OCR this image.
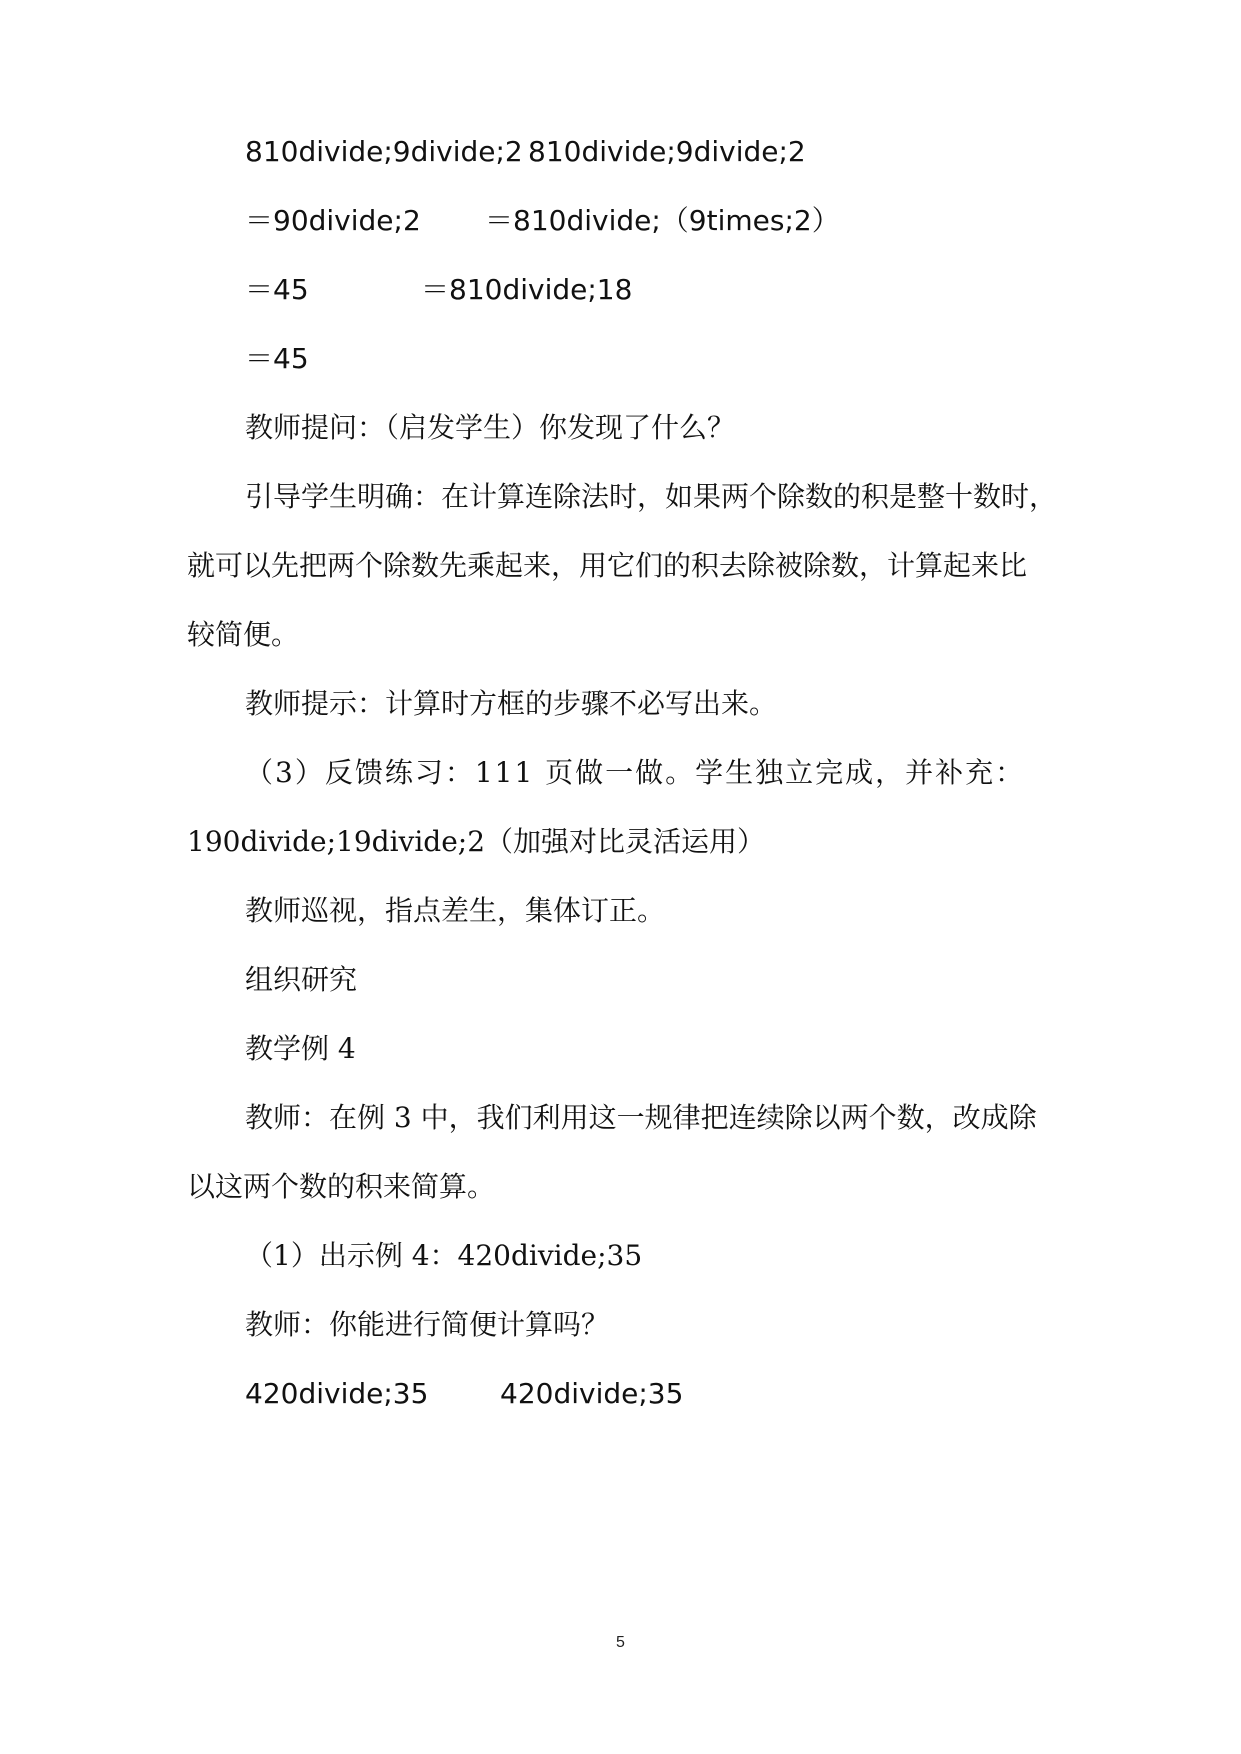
810divide;9divide;2 810divide;9divide;2
＝90divide;2 ＝810divide;（9times;2）
＝45	＝810divide;18
＝45
教师提问：（启发学生）你发现了什么？
引导学生明确：在计算连除法时，如果两个除数的积是整十数时，
就可以先把两个除数先乘起来，用它们的积去除被除数，计算起来比
较简便。
教师提示：计算时方框的步骤不必写出来。
（3）反馈练习：111 页做一做。学生独立完成，并补充：
190divide;19divide;2（加强对比灵活运用）
教师巡视，指点差生，集体订正。
组织研究
教学例 4
教师：在例 3 中，我们利用这一规律把连续除以两个数，改成除
以这两个数的积来简算。
（1）出示例 4：420divide;35
教师：你能进行简便计算吗？
420divide;35	420divide;35
5
